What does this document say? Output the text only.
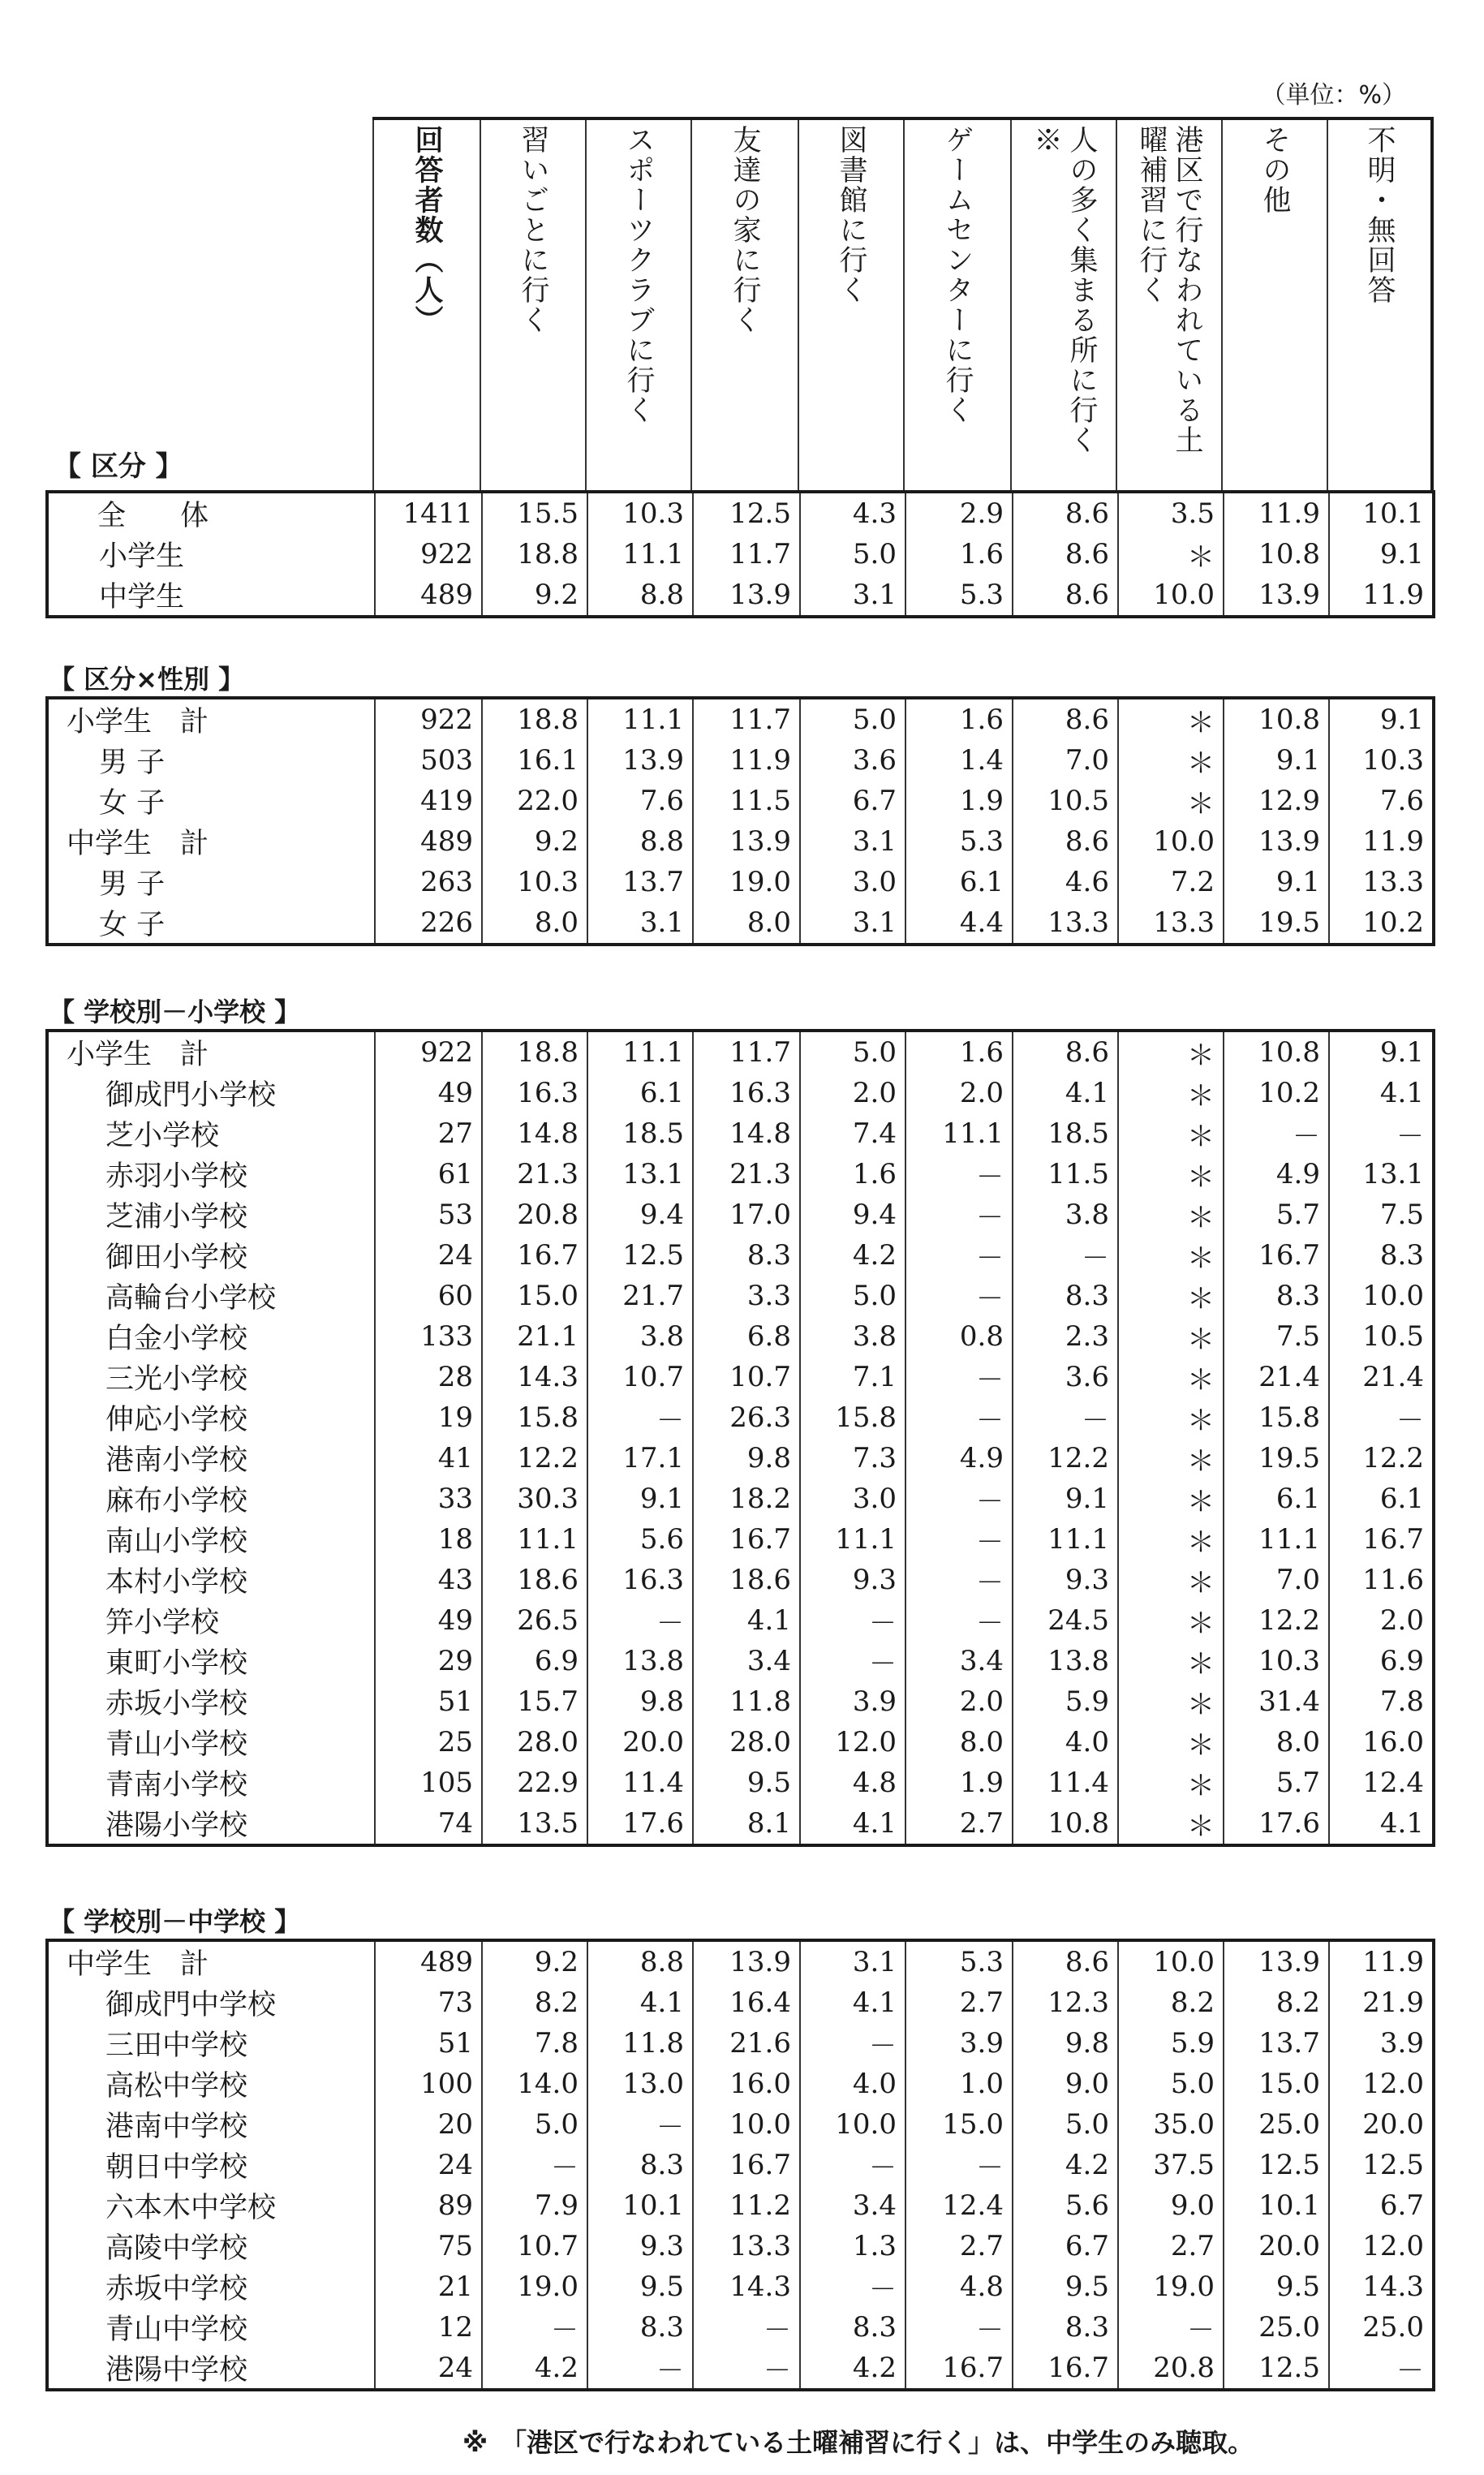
（単位：%）
【 区分 】	
回答者数（人）	習いごとに行く	スポーツクラブに行く	友達の家に行く	図書館に行く	ゲームセンターに行く	人の多く集まる所に行く※	港区で行なわれている土曜補習に行く	その他	不明・無回答
全 体	1411	15.5	10.3	12.5	4.3	2.9	8.6	3.5	11.9	10.1
小学生	922	18.8	11.1	11.7	5.0	1.6	8.6	＊	10.8	9.1
中学生	489	9.2	8.8	13.9	3.1	5.3	8.6	10.0	13.9	11.9
【 区分×性別 】
小学生　計	922	18.8	11.1	11.7	5.0	1.6	8.6	＊	10.8	9.1
男 子	503	16.1	13.9	11.9	3.6	1.4	7.0	＊	9.1	10.3
女 子	419	22.0	7.6	11.5	6.7	1.9	10.5	＊	12.9	7.6
中学生　計	489	9.2	8.8	13.9	3.1	5.3	8.6	10.0	13.9	11.9
男 子	263	10.3	13.7	19.0	3.0	6.1	4.6	7.2	9.1	13.3
女 子	226	8.0	3.1	8.0	3.1	4.4	13.3	13.3	19.5	10.2
【 学校別－小学校 】
小学生　計	922	18.8	11.1	11.7	5.0	1.6	8.6	＊	10.8	9.1
御成門小学校	49	16.3	6.1	16.3	2.0	2.0	4.1	＊	10.2	4.1
芝小学校	27	14.8	18.5	14.8	7.4	11.1	18.5	＊	－	－
赤羽小学校	61	21.3	13.1	21.3	1.6	－	11.5	＊	4.9	13.1
芝浦小学校	53	20.8	9.4	17.0	9.4	－	3.8	＊	5.7	7.5
御田小学校	24	16.7	12.5	8.3	4.2	－	－	＊	16.7	8.3
高輪台小学校	60	15.0	21.7	3.3	5.0	－	8.3	＊	8.3	10.0
白金小学校	133	21.1	3.8	6.8	3.8	0.8	2.3	＊	7.5	10.5
三光小学校	28	14.3	10.7	10.7	7.1	－	3.6	＊	21.4	21.4
伸応小学校	19	15.8	－	26.3	15.8	－	－	＊	15.8	－
港南小学校	41	12.2	17.1	9.8	7.3	4.9	12.2	＊	19.5	12.2
麻布小学校	33	30.3	9.1	18.2	3.0	－	9.1	＊	6.1	6.1
南山小学校	18	11.1	5.6	16.7	11.1	－	11.1	＊	11.1	16.7
本村小学校	43	18.6	16.3	18.6	9.3	－	9.3	＊	7.0	11.6
笄小学校	49	26.5	－	4.1	－	－	24.5	＊	12.2	2.0
東町小学校	29	6.9	13.8	3.4	－	3.4	13.8	＊	10.3	6.9
赤坂小学校	51	15.7	9.8	11.8	3.9	2.0	5.9	＊	31.4	7.8
青山小学校	25	28.0	20.0	28.0	12.0	8.0	4.0	＊	8.0	16.0
青南小学校	105	22.9	11.4	9.5	4.8	1.9	11.4	＊	5.7	12.4
港陽小学校	74	13.5	17.6	8.1	4.1	2.7	10.8	＊	17.6	4.1
【 学校別－中学校 】
中学生　計	489	9.2	8.8	13.9	3.1	5.3	8.6	10.0	13.9	11.9
御成門中学校	73	8.2	4.1	16.4	4.1	2.7	12.3	8.2	8.2	21.9
三田中学校	51	7.8	11.8	21.6	－	3.9	9.8	5.9	13.7	3.9
高松中学校	100	14.0	13.0	16.0	4.0	1.0	9.0	5.0	15.0	12.0
港南中学校	20	5.0	－	10.0	10.0	15.0	5.0	35.0	25.0	20.0
朝日中学校	24	－	8.3	16.7	－	－	4.2	37.5	12.5	12.5
六本木中学校	89	7.9	10.1	11.2	3.4	12.4	5.6	9.0	10.1	6.7
高陵中学校	75	10.7	9.3	13.3	1.3	2.7	6.7	2.7	20.0	12.0
赤坂中学校	21	19.0	9.5	14.3	－	4.8	9.5	19.0	9.5	14.3
青山中学校	12	－	8.3	－	8.3	－	8.3	－	25.0	25.0
港陽中学校	24	4.2	－	－	4.2	16.7	16.7	20.8	12.5	－
※　「港区で行なわれている土曜補習に行く」は、中学生のみ聴取。
